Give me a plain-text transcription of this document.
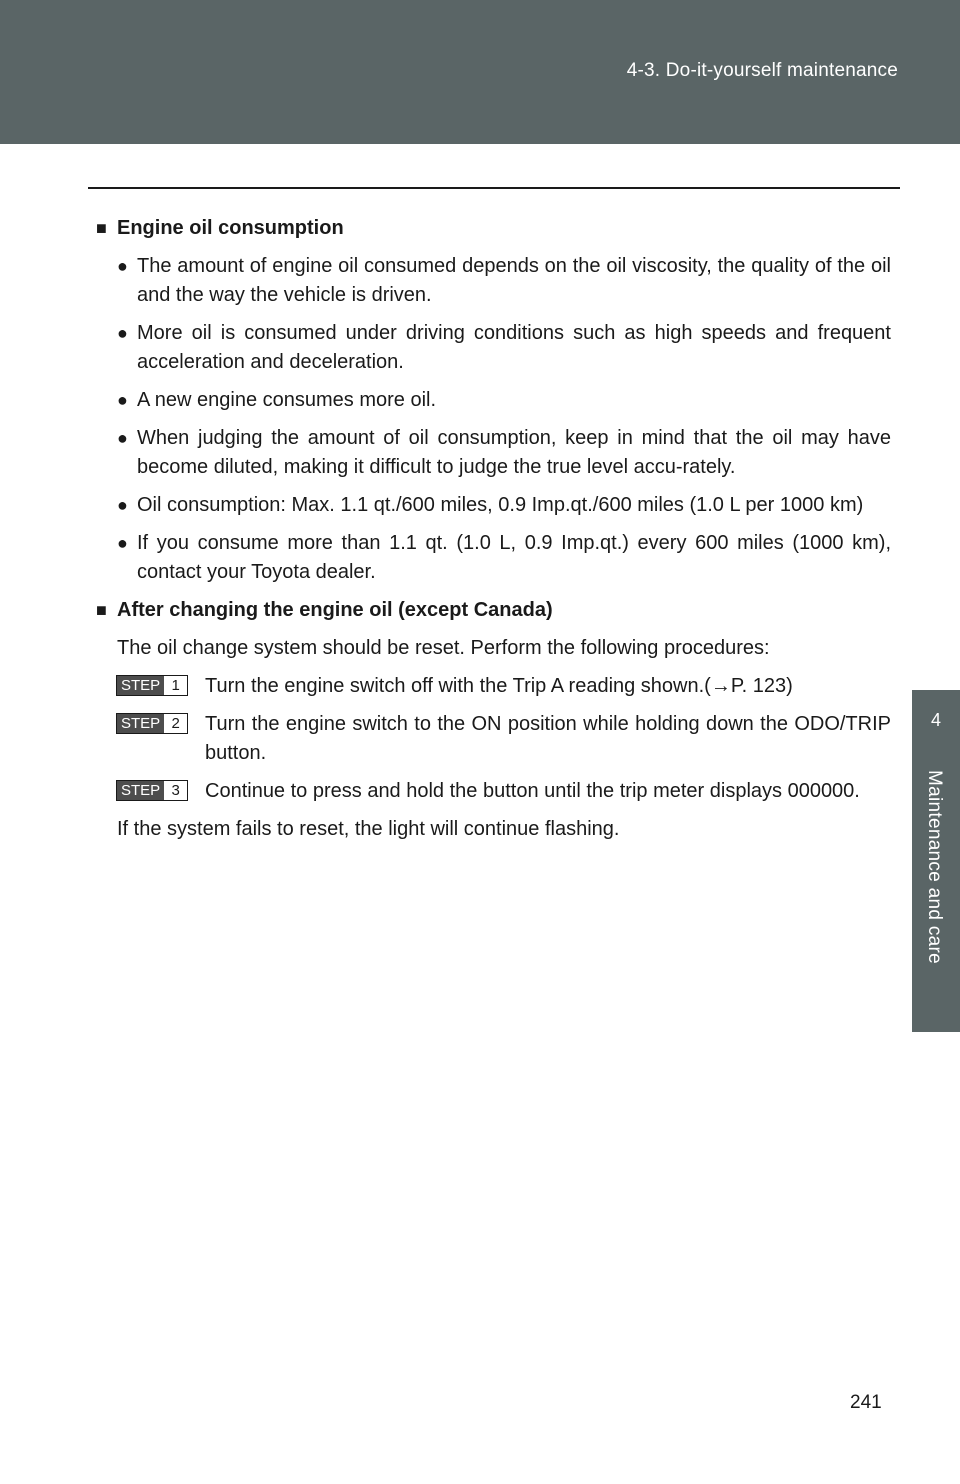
4-3. Do-it-yourself maintenance
4
Maintenance and care
■ Engine oil consumption
● The amount of engine oil consumed depends on the oil viscosity, the quality of the oil and the way the vehicle is driven.
● More oil is consumed under driving conditions such as high speeds and frequent acceleration and deceleration.
● A new engine consumes more oil.
● When judging the amount of oil consumption, keep in mind that the oil may have become diluted, making it difficult to judge the true level accu-rately.
● Oil consumption: Max. 1.1 qt./600 miles, 0.9 Imp.qt./600 miles (1.0 L per 1000 km)
● If you consume more than 1.1 qt. (1.0 L, 0.9 Imp.qt.) every 600 miles (1000 km), contact your Toyota dealer.
■ After changing the engine oil (except Canada)
The oil change system should be reset. Perform the following procedures:
STEP 1	Turn the engine switch off with the Trip A reading shown.(→P. 123)
STEP 2	Turn the engine switch to the ON position while holding down the ODO/TRIP button.
STEP 3	Continue to press and hold the button until the trip meter displays 000000.
If the system fails to reset, the light will continue flashing.
241
